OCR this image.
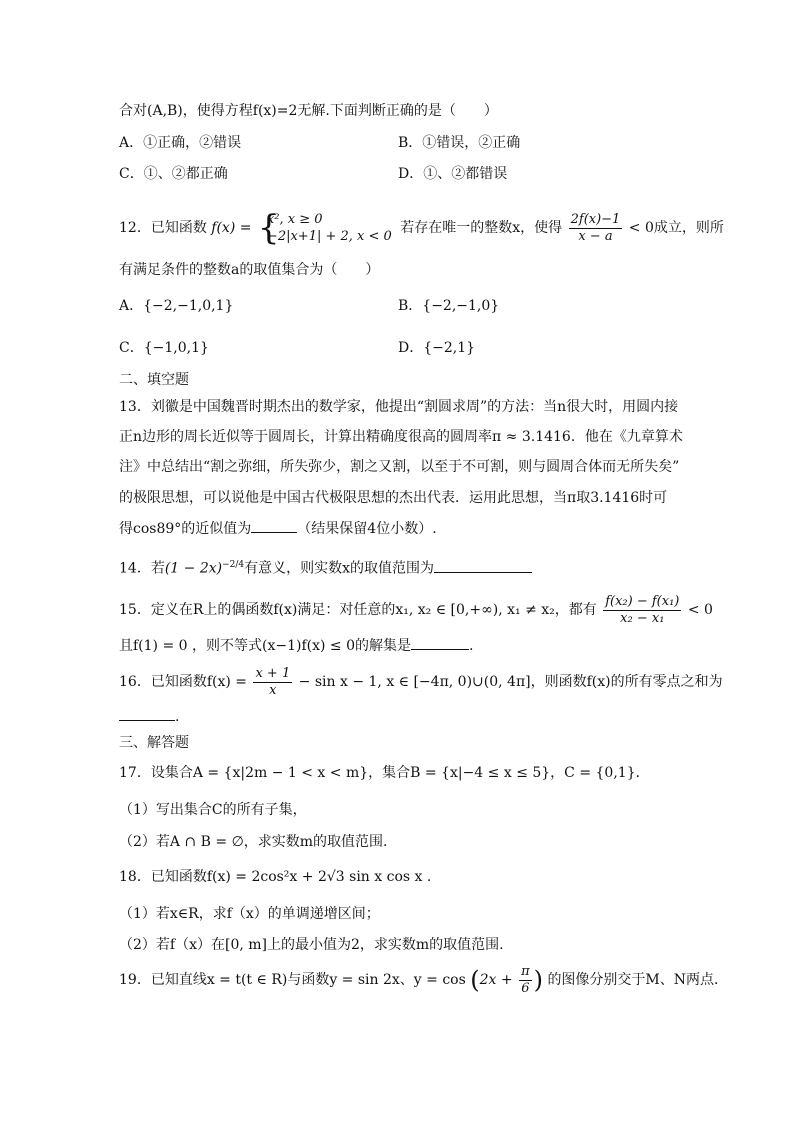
合对(A,B)，使得方程f(x)=2无解.下面判断正确的是（　　）
A．①正确，②错误	B．①错误，②正确
C．①、②都正确	D．①、②都错误
12．已知函数 f(x) = {
x², x ≥ 0
−2|x+1| + 2, x < 0
若存在唯一的整数x，使得 $\frac{2f(x)-1}{x - a} < 0$成立，则所
有满足条件的整数a的取值集合为（　　）
A．{−2,−1,0,1}	B．{−2,−1,0}
C．{−1,0,1}	D．{−2,1}
二、填空题
13．刘徽是中国魏晋时期杰出的数学家，他提出“割圆求周”的方法：当n很大时，用圆内接
正n边形的周长近似等于圆周长，计算出精确度很高的圆周率π ≈ 3.1416．他在《九章算术
注》中总结出“割之弥细，所失弥少，割之又割，以至于不可割，则与圆周合体而无所失矣”
的极限思想，可以说他是中国古代极限思想的杰出代表．运用此思想，当π取3.1416时可
得cos89°的近似值为	（结果保留4位小数）.
14．若$(1 - 2x)^{-2/4}$有意义，则实数x的取值范围为
15．定义在R上的偶函数f(x)满足：对任意的x₁, x₂ ∈ [0,+∞), x₁ ≠ x₂，都有 $\frac{\text{f(x₂) − f(x₁)}}{\text{x₂ − x₁}} < 0$
且f(1) = 0 ，则不等式(x−1)f(x) ≤ 0的解集是	.
16．已知函数$f(x) = \frac{x + 1}{x} - \sin x - 1$, x ∈ [−4π, 0)∪(0, 4π]，则函数f(x)的所有零点之和为
.
三、解答题
17．设集合A = {x|2m − 1 < x < m}，集合B = {x|−4 ≤ x ≤ 5}，C = {0,1}．
（1）写出集合C的所有子集，
（2）若A ∩ B = ∅，求实数m的取值范围.
18．已知函数f(x) = 2cos²x + 2√3 sin x cos x .
（1）若x∈R，求f（x）的单调递增区间；
（2）若f（x）在[0, m]上的最小值为2，求实数m的取值范围.
19．已知直线x = t(t ∈ R)与函数y = sin 2x、$y = \cos (2x + \frac{\pi}{6}$ ) 的图像分别交于M、N两点．
